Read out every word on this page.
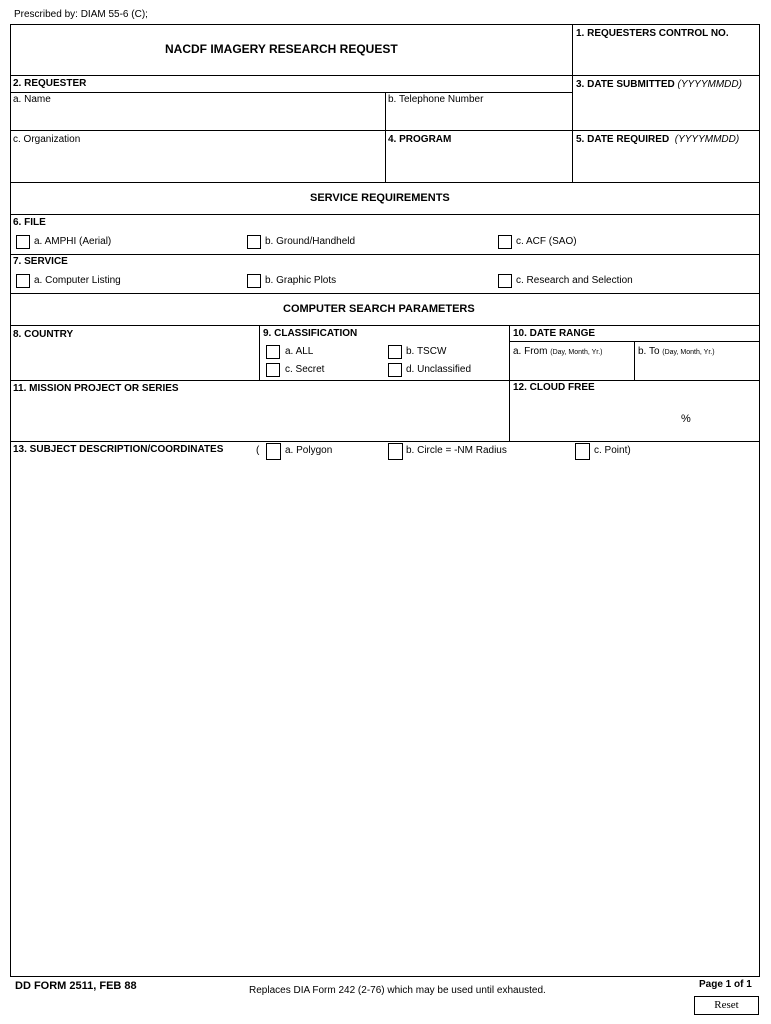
Prescribed by: DIAM 55-6 (C);
NACDF IMAGERY RESEARCH REQUEST
1. REQUESTERS CONTROL NO.
2. REQUESTER
a. Name	b. Telephone Number
c. Organization
3. DATE SUBMITTED (YYYYMMDD)
4. PROGRAM	5. DATE REQUIRED (YYYYMMDD)
SERVICE REQUIREMENTS
6. FILE
a. AMPHI (Aerial)	b. Ground/Handheld	c. ACF (SAO)
7. SERVICE
a. Computer Listing	b. Graphic Plots	c. Research and Selection
COMPUTER SEARCH PARAMETERS
8. COUNTRY	9. CLASSIFICATION
a. ALL	b. TSCW
c. Secret	d. Unclassified
10. DATE RANGE
a. From (Day, Month, Yr.)	b. To (Day, Month, Yr.)
11. MISSION PROJECT OR SERIES	12. CLOUD FREE
%
13. SUBJECT DESCRIPTION/COORDINATES	(	a. Polygon	b. Circle = -NM Radius	c. Point)
DD FORM 2511, FEB 88	Replaces DIA Form 242 (2-76) which may be used until exhausted.
Page 1 of 1
Reset
